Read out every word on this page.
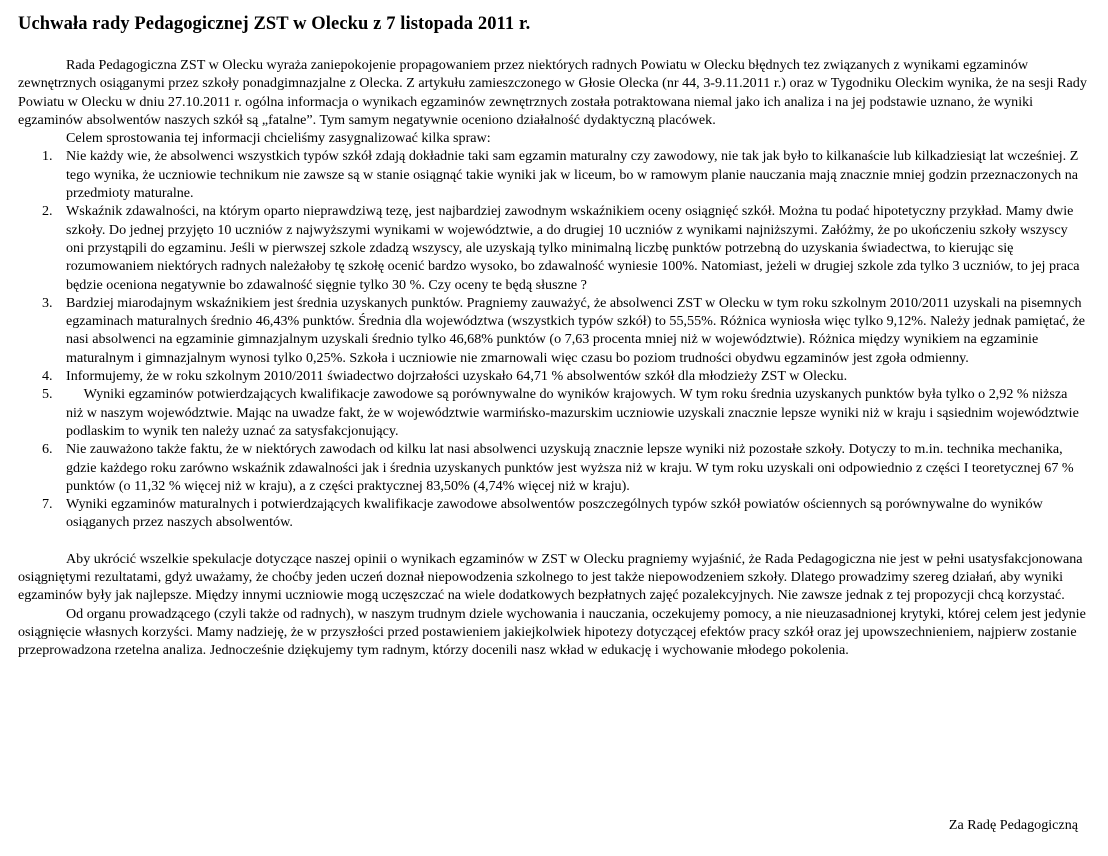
Uchwała rady Pedagogicznej ZST w Olecku z 7 listopada 2011 r.

Rada Pedagogiczna ZST w Olecku wyraża zaniepokojenie propagowaniem przez niektórych radnych Powiatu w Olecku błędnych tez związanych z wynikami egzaminów zewnętrznych osiąganymi przez szkoły ponadgimnazjalne z Olecka. Z artykułu zamieszczonego w Głosie Olecka (nr 44, 3-9.11.2011 r.) oraz w Tygodniku Oleckim wynika, że na sesji Rady Powiatu w Olecku w dniu 27.10.2011 r. ogólna informacja o wynikach egzaminów zewnętrznych została potraktowana niemal jako ich analiza i na jej podstawie uznano, że wyniki egzaminów absolwentów naszych szkół są „fatalne”. Tym samym negatywnie oceniono działalność dydaktyczną placówek.

Celem sprostowania tej informacji chcieliśmy zasygnalizować kilka spraw:

1. Nie każdy wie, że absolwenci wszystkich typów szkół zdają dokładnie taki sam egzamin maturalny czy zawodowy, nie tak jak było to kilkanaście lub kilkadziesiąt lat wcześniej. Z tego wynika, że uczniowie technikum nie zawsze są w stanie osiągnąć takie wyniki jak w liceum, bo w ramowym planie nauczania mają znacznie mniej godzin przeznaczonych na przedmioty maturalne.
2. Wskaźnik zdawalności, na którym oparto nieprawdziwą tezę, jest najbardziej zawodnym wskaźnikiem oceny osiągnięć szkół. Można tu podać hipotetyczny przykład. Mamy dwie szkoły. Do jednej przyjęto 10 uczniów z najwyższymi wynikami w województwie, a do drugiej 10 uczniów z wynikami najniższymi. Załóżmy, że po ukończeniu szkoły wszyscy oni przystąpili do egzaminu. Jeśli w pierwszej szkole zdadzą wszyscy, ale uzyskają tylko minimalną liczbę punktów potrzebną do uzyskania świadectwa, to kierując się rozumowaniem niektórych radnych należałoby tę szkołę ocenić bardzo wysoko, bo zdawalność wyniesie 100%. Natomiast, jeżeli w drugiej szkole zda tylko 3 uczniów, to jej praca będzie oceniona negatywnie bo zdawalność sięgnie tylko 30 %. Czy oceny te będą słuszne ?
3. Bardziej miarodajnym wskaźnikiem jest średnia uzyskanych punktów. Pragniemy zauważyć, że absolwenci ZST w Olecku w tym roku szkolnym 2010/2011 uzyskali na pisemnych egzaminach maturalnych średnio 46,43% punktów. Średnia dla województwa (wszystkich typów szkół) to 55,55%. Różnica wyniosła więc tylko 9,12%. Należy jednak pamiętać, że nasi absolwenci na egzaminie gimnazjalnym uzyskali średnio tylko 46,68% punktów (o 7,63 procenta mniej niż w województwie). Różnica między wynikiem na egzaminie maturalnym i gimnazjalnym wynosi tylko 0,25%. Szkoła i uczniowie nie zmarnowali więc czasu bo poziom trudności obydwu egzaminów jest zgoła odmienny.
4. Informujemy, że w roku szkolnym 2010/2011 świadectwo dojrzałości uzyskało 64,71 % absolwentów szkół dla młodzieży ZST w Olecku.
5. Wyniki egzaminów potwierdzających kwalifikacje zawodowe są porównywalne do wyników krajowych. W tym roku średnia uzyskanych punktów była tylko o 2,92 % niższa niż w naszym województwie. Mając na uwadze fakt, że w województwie warmińsko-mazurskim uczniowie uzyskali znacznie lepsze wyniki niż w kraju i sąsiednim województwie podlaskim to wynik ten należy uznać za satysfakcjonujący.
6. Nie zauważono także faktu, że w niektórych zawodach od kilku lat nasi absolwenci uzyskują znacznie lepsze wyniki niż pozostałe szkoły. Dotyczy to m.in. technika mechanika, gdzie każdego roku zarówno wskaźnik zdawalności jak i średnia uzyskanych punktów jest wyższa niż w kraju. W tym roku uzyskali oni odpowiednio z części I teoretycznej 67 % punktów (o 11,32 % więcej niż w kraju), a z części praktycznej 83,50% (4,74% więcej niż w kraju).
7. Wyniki egzaminów maturalnych i potwierdzających kwalifikacje zawodowe absolwentów poszczególnych typów szkół powiatów ościennych są porównywalne do wyników osiąganych przez naszych absolwentów.

Aby ukrócić wszelkie spekulacje dotyczące naszej opinii o wynikach egzaminów w ZST w Olecku pragniemy wyjaśnić, że Rada Pedagogiczna nie jest w pełni usatysfakcjonowana osiągniętymi rezultatami, gdyż uważamy, że choćby jeden uczeń doznał niepowodzenia szkolnego to jest także niepowodzeniem szkoły. Dlatego prowadzimy szereg działań, aby wyniki egzaminów były jak najlepsze. Między innymi uczniowie mogą uczęszczać na wiele dodatkowych bezpłatnych zajęć pozalekcyjnych. Nie zawsze jednak z tej propozycji chcą korzystać.

Od organu prowadzącego (czyli także od radnych), w naszym trudnym dziele wychowania i nauczania, oczekujemy pomocy, a nie nieuzasadnionej krytyki, której celem jest jedynie osiągnięcie własnych korzyści. Mamy nadzieję, że w przyszłości przed postawieniem jakiejkolwiek hipotezy dotyczącej efektów pracy szkół oraz jej upowszechnieniem, najpierw zostanie przeprowadzona rzetelna analiza. Jednocześnie dziękujemy tym radnym, którzy docenili nasz wkład w edukację i wychowanie młodego pokolenia.

Za Radę Pedagogiczną
